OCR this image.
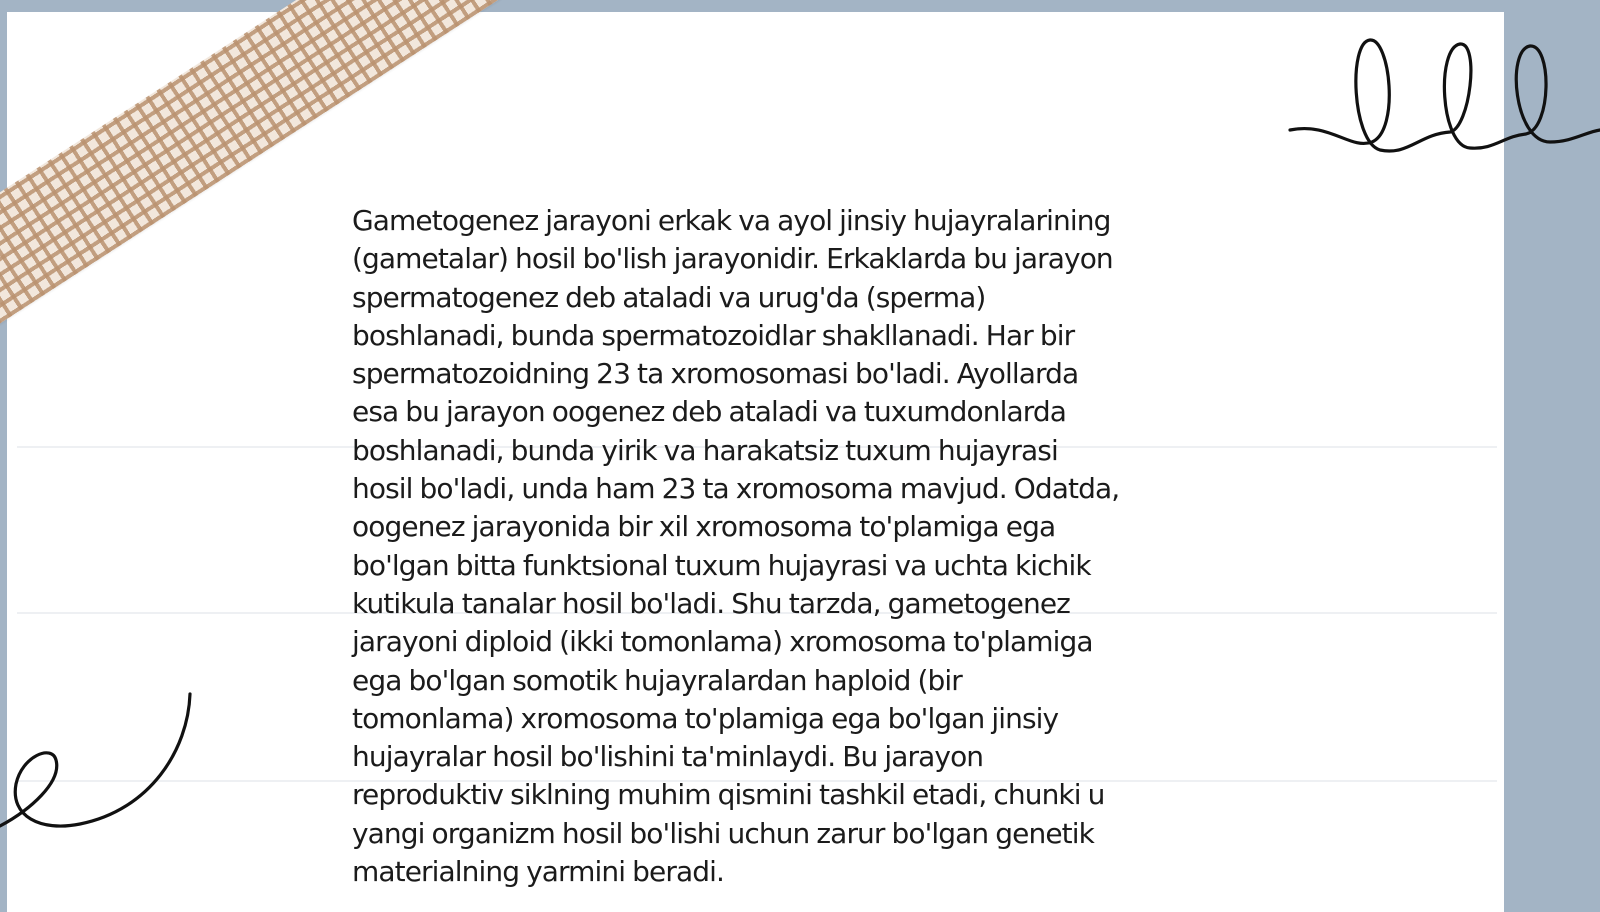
Gametogenez jarayoni erkak va ayol jinsiy hujayralarining
(gametalar) hosil bo'lish jarayonidir. Erkaklarda bu jarayon
spermatogenez deb ataladi va urug'da (sperma)
boshlanadi, bunda spermatozoidlar shakllanadi. Har bir
spermatozoidning 23 ta xromosomasi bo'ladi. Ayollarda
esa bu jarayon oogenez deb ataladi va tuxumdonlarda
boshlanadi, bunda yirik va harakatsiz tuxum hujayrasi
hosil bo'ladi, unda ham 23 ta xromosoma mavjud. Odatda,
oogenez jarayonida bir xil xromosoma to'plamiga ega
bo'lgan bitta funktsional tuxum hujayrasi va uchta kichik
kutikula tanalar hosil bo'ladi. Shu tarzda, gametogenez
jarayoni diploid (ikki tomonlama) xromosoma to'plamiga
ega bo'lgan somotik hujayralardan haploid (bir
tomonlama) xromosoma to'plamiga ega bo'lgan jinsiy
hujayralar hosil bo'lishini ta'minlaydi. Bu jarayon
reproduktiv siklning muhim qismini tashkil etadi, chunki u
yangi organizm hosil bo'lishi uchun zarur bo'lgan genetik
materialning yarmini beradi.
